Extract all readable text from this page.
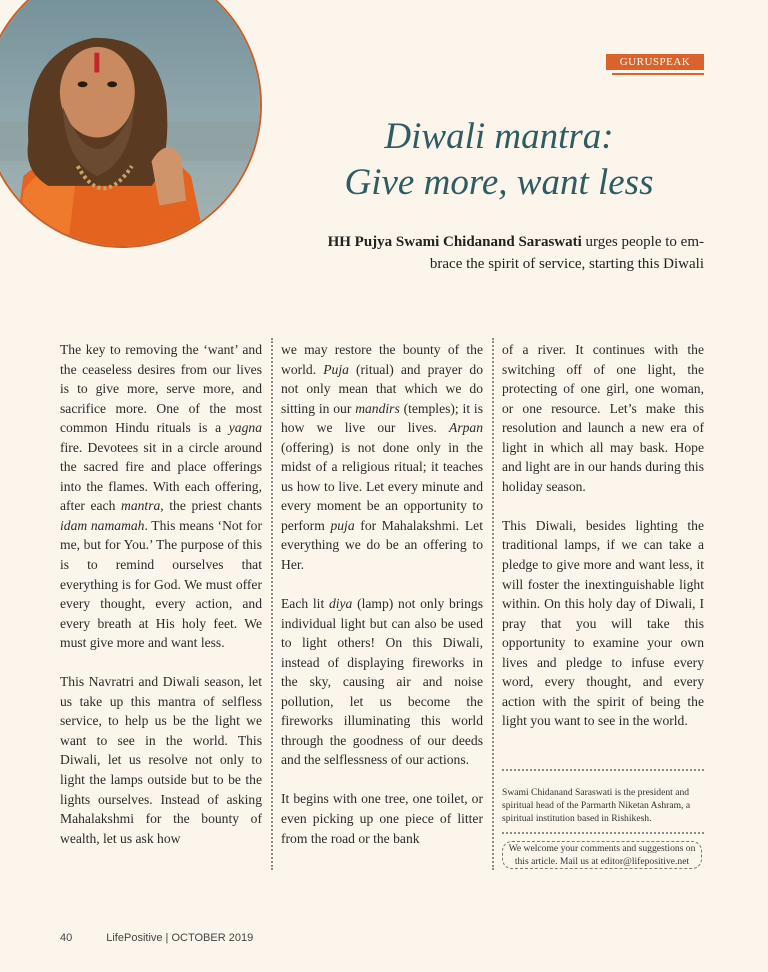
GURUSPEAK
Diwali mantra:
Give more, want less
HH Pujya Swami Chidanand Saraswati urges people to em-
brace the spirit of service, starting this Diwali

The key to removing the ‘want’ and the ceaseless desires from our lives is to give more, serve more, and sacrifice more. One of the most common Hindu rituals is a yagna fire. Devotees sit in a circle around the sacred fire and place offerings into the flames. With each offering, after each mantra, the priest chants idam namamah. This means ‘Not for me, but for You.’ The purpose of this is to remind ourselves that everything is for God. We must offer every thought, every action, and every breath at His holy feet. We must give more and want less.

This Navratri and Diwali season, let us take up this mantra of selfless service, to help us be the light we want to see in the world. This Diwali, let us resolve not only to light the lamps outside but to be the lights ourselves. Instead of asking Mahalakshmi for the bounty of wealth, let us ask how

we may restore the bounty of the world. Puja (ritual) and prayer do not only mean that which we do sitting in our mandirs (temples); it is how we live our lives. Arpan (offering) is not done only in the midst of a religious ritual; it teaches us how to live. Let every minute and every moment be an opportunity to perform puja for Mahalakshmi. Let everything we do be an offering to Her.

Each lit diya (lamp) not only brings individual light but can also be used to light others! On this Diwali, instead of displaying fireworks in the sky, causing air and noise pollution, let us become the fireworks illuminating this world through the goodness of our deeds and the selflessness of our actions.

It begins with one tree, one toilet, or even picking up one piece of litter from the road or the bank

of a river. It continues with the switching off of one light, the protecting of one girl, one woman, or one resource. Let’s make this resolution and launch a new era of light in which all may bask. Hope and light are in our hands during this holiday season.

This Diwali, besides lighting the traditional lamps, if we can take a pledge to give more and want less, it will foster the inextinguishable light within. On this holy day of Diwali, I pray that you will take this opportunity to examine your own lives and pledge to infuse every word, every thought, and every action with the spirit of being the light you want to see in the world.

Swami Chidanand Saraswati is the president and spiritual head of the Parmarth Niketan Ashram, a spiritual institution based in Rishikesh.
We welcome your comments and suggestions on
this article. Mail us at editor@lifepositive.net
40	LifePositive | OCTOBER 2019
